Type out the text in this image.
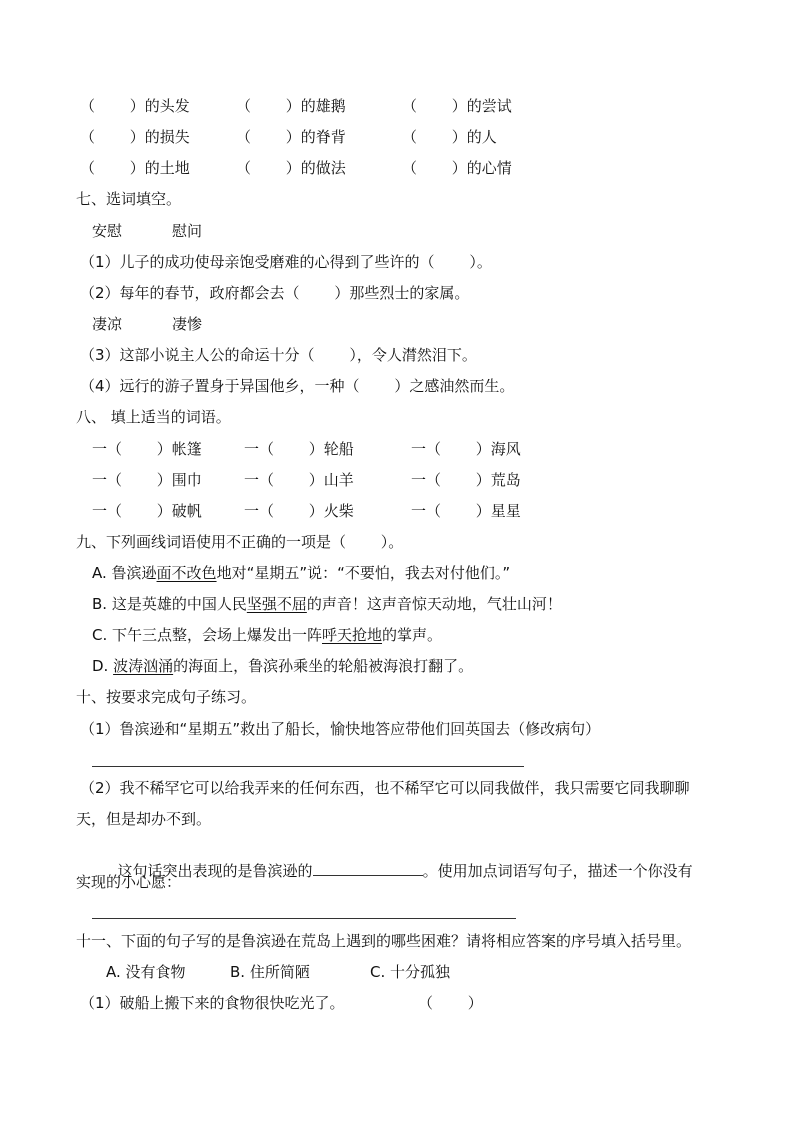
（　　 ）的头发	（　　 ）的雄鹅	（　　 ）的尝试
（　　 ）的损失	（　　 ）的脊背	（　　 ）的人
（　　 ）的土地	（　　 ）的做法	（　　 ）的心情
七、选词填空。
安慰	慰问
（1）儿子的成功使母亲饱受磨难的心得到了些许的（　　 ）。
（2）每年的春节，政府都会去（　　 ）那些烈士的家属。
凄凉	凄惨
（3）这部小说主人公的命运十分（　　 ），令人潸然泪下。
（4）远行的游子置身于异国他乡，一种（　　 ）之感油然而生。
八、 填上适当的词语。
一（　　 ）帐篷	一（　　 ）轮船	一（　　 ）海风
一（　　 ）围巾	一（　　 ）山羊	一（　　 ）荒岛
一（　　 ）破帆	一（　　 ）火柴	一（　　 ）星星
九、下列画线词语使用不正确的一项是（　　 ）。
A. 鲁滨逊面不改色地对“星期五”说：“不要怕，我去对付他们。”
B. 这是英雄的中国人民坚强不屈的声音！这声音惊天动地，气壮山河！
C. 下午三点整，会场上爆发出一阵呼天抢地的掌声。
D. 波涛汹涌的海面上，鲁滨孙乘坐的轮船被海浪打翻了。
十、按要求完成句子练习。
（1）鲁滨逊和“星期五”救出了船长，愉快地答应带他们回英国去（修改病句）
（2）我不稀罕它可以给我弄来的任何东西，也不稀罕它可以同我做伴，我只需要它同我聊聊
天，但是却办不到。

这句话突出表现的是鲁滨逊的	。使用加点词语写句子，描述一个你没有

实现的小心愿：
十一、下面的句子写的是鲁滨逊在荒岛上遇到的哪些困难？请将相应答案的序号填入括号里。
A. 没有食物	B. 住所简陋	C. 十分孤独
（1）破船上搬下来的食物很快吃光了。	（　　 ）
